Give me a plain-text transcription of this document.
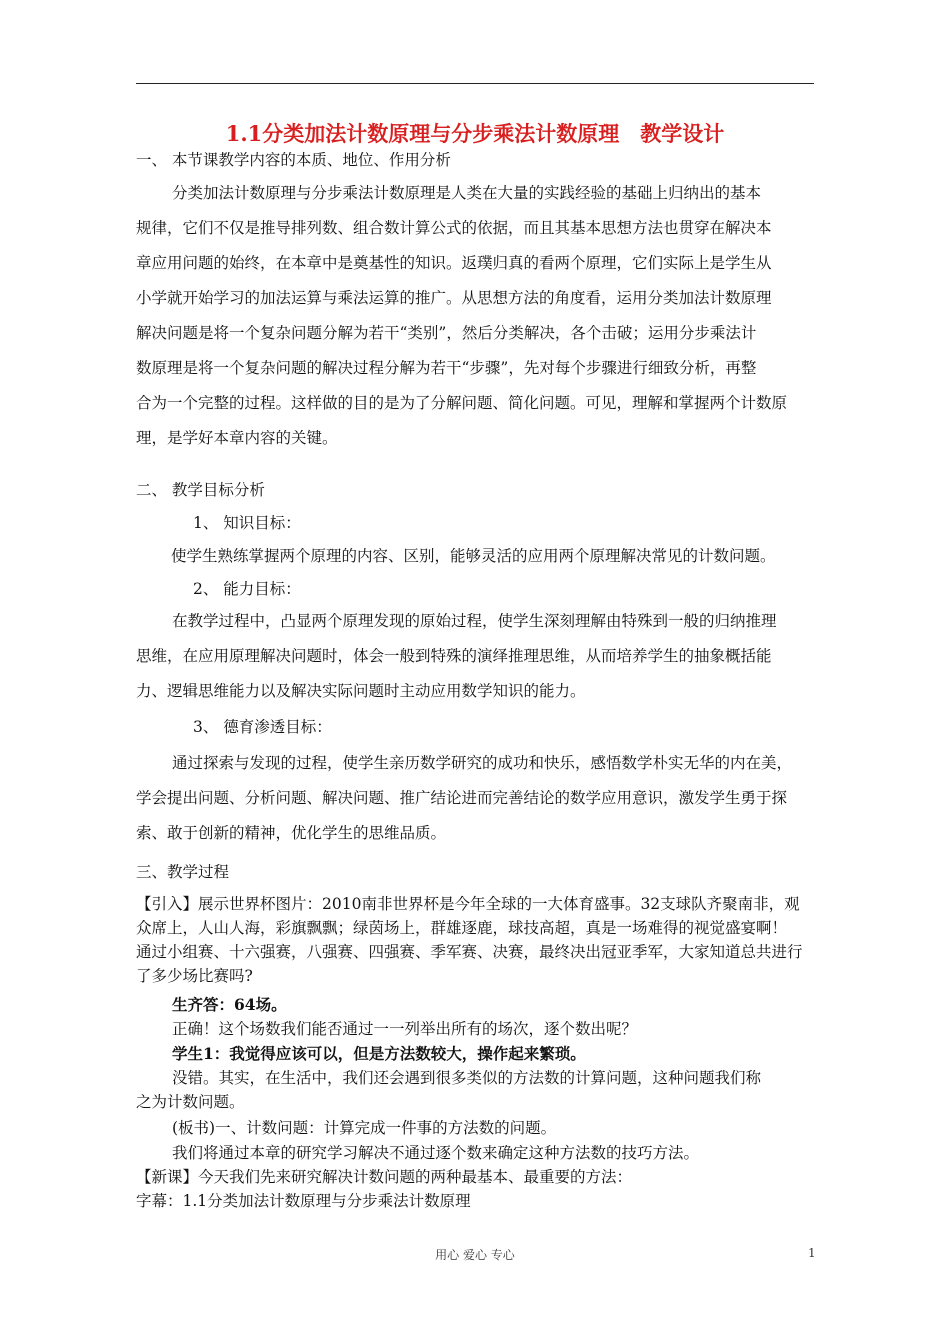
1.1分类加法计数原理与分步乘法计数原理　教学设计
一、 本节课教学内容的本质、地位、作用分析
分类加法计数原理与分步乘法计数原理是人类在大量的实践经验的基础上归纳出的基本
规律，它们不仅是推导排列数、组合数计算公式的依据，而且其基本思想方法也贯穿在解决本
章应用问题的始终，在本章中是奠基性的知识。返璞归真的看两个原理，它们实际上是学生从
小学就开始学习的加法运算与乘法运算的推广。从思想方法的角度看，运用分类加法计数原理
解决问题是将一个复杂问题分解为若干“类别”，然后分类解决，各个击破；运用分步乘法计
数原理是将一个复杂问题的解决过程分解为若干“步骤”，先对每个步骤进行细致分析，再整
合为一个完整的过程。这样做的目的是为了分解问题、简化问题。可见，理解和掌握两个计数原
理，是学好本章内容的关键。
二、 教学目标分析
1、 知识目标：
使学生熟练掌握两个原理的内容、区别，能够灵活的应用两个原理解决常见的计数问题。
2、 能力目标：
在教学过程中，凸显两个原理发现的原始过程，使学生深刻理解由特殊到一般的归纳推理
思维，在应用原理解决问题时，体会一般到特殊的演绎推理思维，从而培养学生的抽象概括能
力、逻辑思维能力以及解决实际问题时主动应用数学知识的能力。
3、 德育渗透目标：
通过探索与发现的过程，使学生亲历数学研究的成功和快乐，感悟数学朴实无华的内在美，
学会提出问题、分析问题、解决问题、推广结论进而完善结论的数学应用意识，激发学生勇于探
索、敢于创新的精神，优化学生的思维品质。
三、教学过程
【引入】展示世界杯图片：2010南非世界杯是今年全球的一大体育盛事。32支球队齐聚南非，观
众席上，人山人海，彩旗飘飘；绿茵场上，群雄逐鹿，球技高超，真是一场难得的视觉盛宴啊！
通过小组赛、十六强赛，八强赛、四强赛、季军赛、决赛，最终决出冠亚季军，大家知道总共进行
了多少场比赛吗?
生齐答：64场。
正确！这个场数我们能否通过一一列举出所有的场次，逐个数出呢？
学生1：我觉得应该可以，但是方法数较大，操作起来繁琐。
没错。其实，在生活中，我们还会遇到很多类似的方法数的计算问题，这种问题我们称
之为计数问题。
(板书)一、计数问题：计算完成一件事的方法数的问题。
我们将通过本章的研究学习解决不通过逐个数来确定这种方法数的技巧方法。
【新课】今天我们先来研究解决计数问题的两种最基本、最重要的方法：
字幕：1.1分类加法计数原理与分步乘法计数原理
用心 爱心 专心	1
